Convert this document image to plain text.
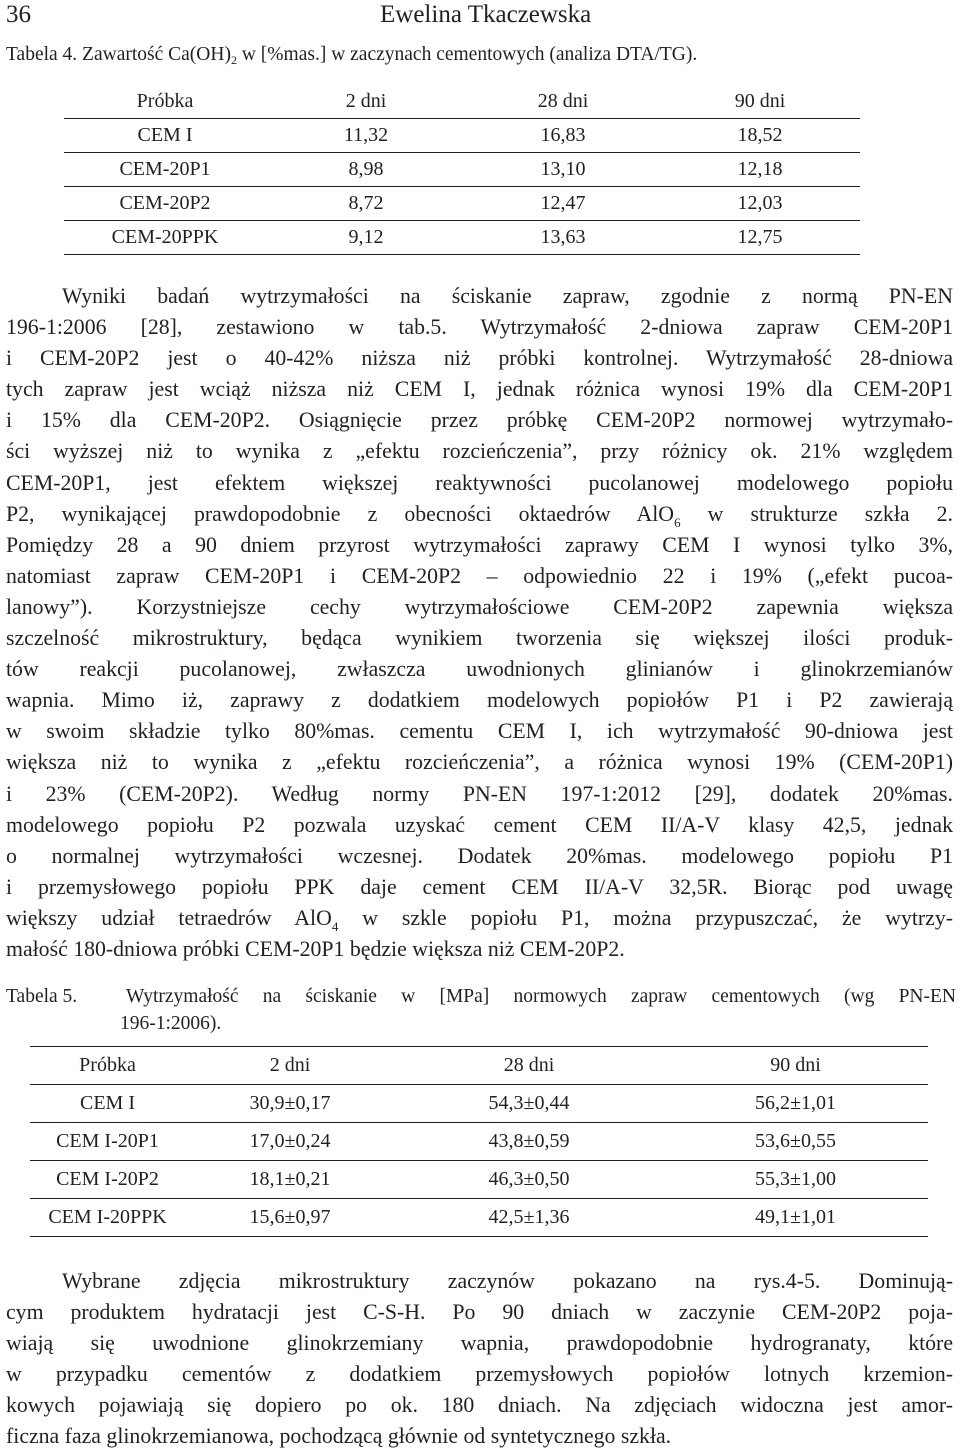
36	Ewelina Tkaczewska
Tabela 4. Zawartość $Ca(OH)_2$ w [%mas.] w zaczynach cementowych (analiza DTA/TG).
Próbka	2 dni	28 dni	90 dni
CEM I	11,32	16,83	18,52
CEM-20P1	8,98	13,10	12,18
CEM-20P2	8,72	12,47	12,03
CEM-20PPK	9,12	13,63	12,75
Wyniki badań wytrzymałości na ściskanie zapraw, zgodnie z normą PN-EN
196-1:2006 [28], zestawiono w tab.5. Wytrzymałość 2-dniowa zapraw CEM-20P1
i CEM-20P2 jest o 40-42% niższa niż próbki kontrolnej. Wytrzymałość 28-dniowa
tych zapraw jest wciąż niższa niż CEM I, jednak różnica wynosi 19% dla CEM-20P1
i 15% dla CEM-20P2. Osiągnięcie przez próbkę CEM-20P2 normowej wytrzymało-
ści wyższej niż to wynika z „efektu rozcieńczenia”, przy różnicy ok. 21% względem
CEM-20P1, jest efektem większej reaktywności pucolanowej modelowego popiołu
P2, wynikającej prawdopodobnie z obecności oktaedrów AlO$_6$ w strukturze szkła 2.
Pomiędzy 28 a 90 dniem przyrost wytrzymałości zaprawy CEM I wynosi tylko 3%,
natomiast zapraw CEM-20P1 i CEM-20P2 – odpowiednio 22 i 19% („efekt pucoa-
lanowy”). Korzystniejsze cechy wytrzymałościowe CEM-20P2 zapewnia większa
szczelność mikrostruktury, będąca wynikiem tworzenia się większej ilości produk-
tów reakcji pucolanowej, zwłaszcza uwodnionych glinianów i glinokrzemianów
wapnia. Mimo iż, zaprawy z dodatkiem modelowych popiołów P1 i P2 zawierają
w swoim składzie tylko 80%mas. cementu CEM I, ich wytrzymałość 90-dniowa jest
większa niż to wynika z „efektu rozcieńczenia”, a różnica wynosi 19% (CEM-20P1)
i 23% (CEM-20P2). Według normy PN-EN 197-1:2012 [29], dodatek 20%mas.
modelowego popiołu P2 pozwala uzyskać cement CEM II/A-V klasy 42,5, jednak
o normalnej wytrzymałości wczesnej. Dodatek 20%mas. modelowego popiołu P1
i przemysłowego popiołu PPK daje cement CEM II/A-V 32,5R. Biorąc pod uwagę
większy udział tetraedrów AlO$_4$ w szkle popiołu P1, można przypuszczać, że wytrzy-
małość 180-dniowa próbki CEM-20P1 będzie większa niż CEM-20P2.
Tabela 5.	Wytrzymałość na ściskanie w [MPa] normowych zapraw cementowych (wg PN-EN
196-1:2006).
Próbka	2 dni	28 dni	90 dni
CEM I	30,9±0,17	54,3±0,44	56,2±1,01
CEM I-20P1	17,0±0,24	43,8±0,59	53,6±0,55
CEM I-20P2	18,1±0,21	46,3±0,50	55,3±1,00
CEM I-20PPK	15,6±0,97	42,5±1,36	49,1±1,01
Wybrane zdjęcia mikrostruktury zaczynów pokazano na rys.4-5. Dominują-
cym produktem hydratacji jest C-S-H. Po 90 dniach w zaczynie CEM-20P2 poja-
wiają się uwodnione glinokrzemiany wapnia, prawdopodobnie hydrogranaty, które
w przypadku cementów z dodatkiem przemysłowych popiołów lotnych krzemion-
kowych pojawiają się dopiero po ok. 180 dniach. Na zdjęciach widoczna jest amor-
ficzna faza glinokrzemianowa, pochodzącą głównie od syntetycznego szkła.
